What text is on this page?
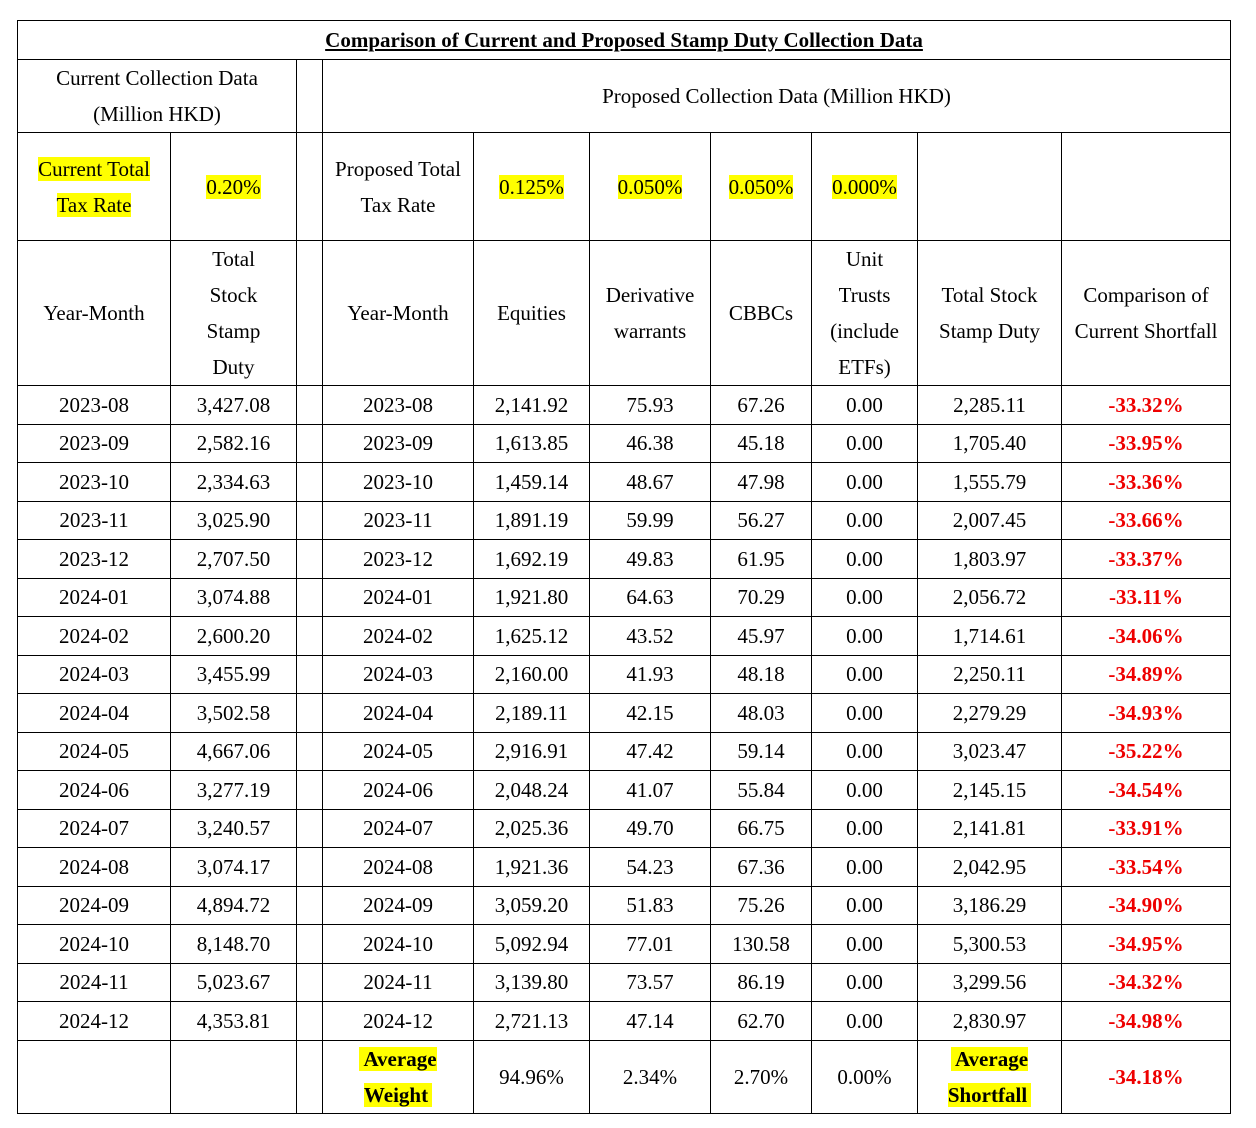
Comparison of Current and Proposed Stamp Duty Collection Data									
Current Collection Data (Million HKD)			Proposed Collection Data (Million HKD)						
Current Total Tax Rate	0.20%		Proposed Total Tax Rate	0.125%	0.050%	0.050%	0.000%		
Year-Month	Total Stock Stamp Duty		Year-Month	Equities	Derivative warrants	CBBCs	Unit Trusts (include ETFs)	Total Stock Stamp Duty	Comparison of Current Shortfall
2023-08	3,427.08		2023-08	2,141.92	75.93	67.26	0.00	2,285.11	-33.32%
2023-09	2,582.16		2023-09	1,613.85	46.38	45.18	0.00	1,705.40	-33.95%
2023-10	2,334.63		2023-10	1,459.14	48.67	47.98	0.00	1,555.79	-33.36%
2023-11	3,025.90		2023-11	1,891.19	59.99	56.27	0.00	2,007.45	-33.66%
2023-12	2,707.50		2023-12	1,692.19	49.83	61.95	0.00	1,803.97	-33.37%
2024-01	3,074.88		2024-01	1,921.80	64.63	70.29	0.00	2,056.72	-33.11%
2024-02	2,600.20		2024-02	1,625.12	43.52	45.97	0.00	1,714.61	-34.06%
2024-03	3,455.99		2024-03	2,160.00	41.93	48.18	0.00	2,250.11	-34.89%
2024-04	3,502.58		2024-04	2,189.11	42.15	48.03	0.00	2,279.29	-34.93%
2024-05	4,667.06		2024-05	2,916.91	47.42	59.14	0.00	3,023.47	-35.22%
2024-06	3,277.19		2024-06	2,048.24	41.07	55.84	0.00	2,145.15	-34.54%
2024-07	3,240.57		2024-07	2,025.36	49.70	66.75	0.00	2,141.81	-33.91%
2024-08	3,074.17		2024-08	1,921.36	54.23	67.36	0.00	2,042.95	-33.54%
2024-09	4,894.72		2024-09	3,059.20	51.83	75.26	0.00	3,186.29	-34.90%
2024-10	8,148.70		2024-10	5,092.94	77.01	130.58	0.00	5,300.53	-34.95%
2024-11	5,023.67		2024-11	3,139.80	73.57	86.19	0.00	3,299.56	-34.32%
2024-12	4,353.81		2024-12	2,721.13	47.14	62.70	0.00	2,830.97	-34.98%
			Average Weight	94.96%	2.34%	2.70%	0.00%	Average Shortfall	-34.18%
